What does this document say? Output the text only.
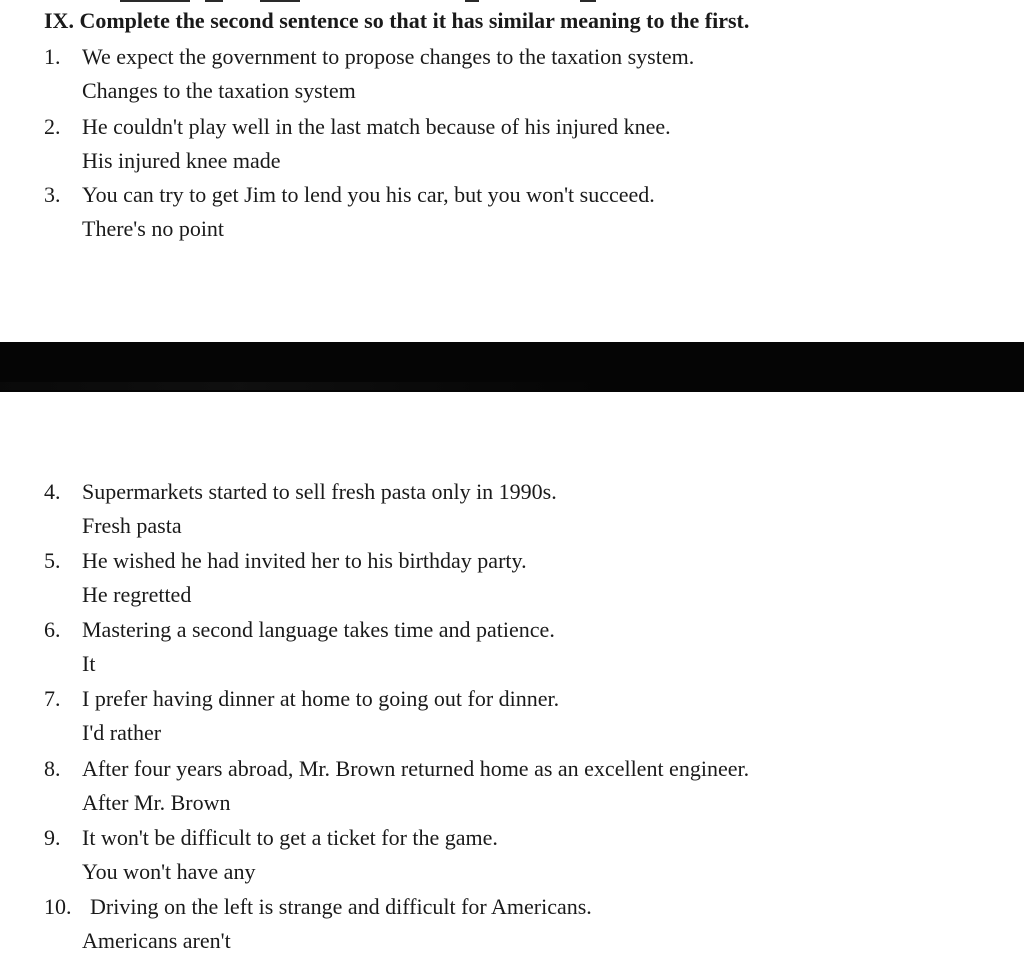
IX. Complete the second sentence so that it has similar meaning to the first.
1. We expect the government to propose changes to the taxation system.
Changes to the taxation system
2. He couldn't play well in the last match because of his injured knee.
His injured knee made
3. You can try to get Jim to lend you his car, but you won't succeed.
There's no point
4. Supermarkets started to sell fresh pasta only in 1990s.
Fresh pasta
5. He wished he had invited her to his birthday party.
He regretted
6. Mastering a second language takes time and patience.
It
7. I prefer having dinner at home to going out for dinner.
I'd rather
8. After four years abroad, Mr. Brown returned home as an excellent engineer.
After Mr. Brown
9. It won't be difficult to get a ticket for the game.
You won't have any
10. Driving on the left is strange and difficult for Americans.
Americans aren't
